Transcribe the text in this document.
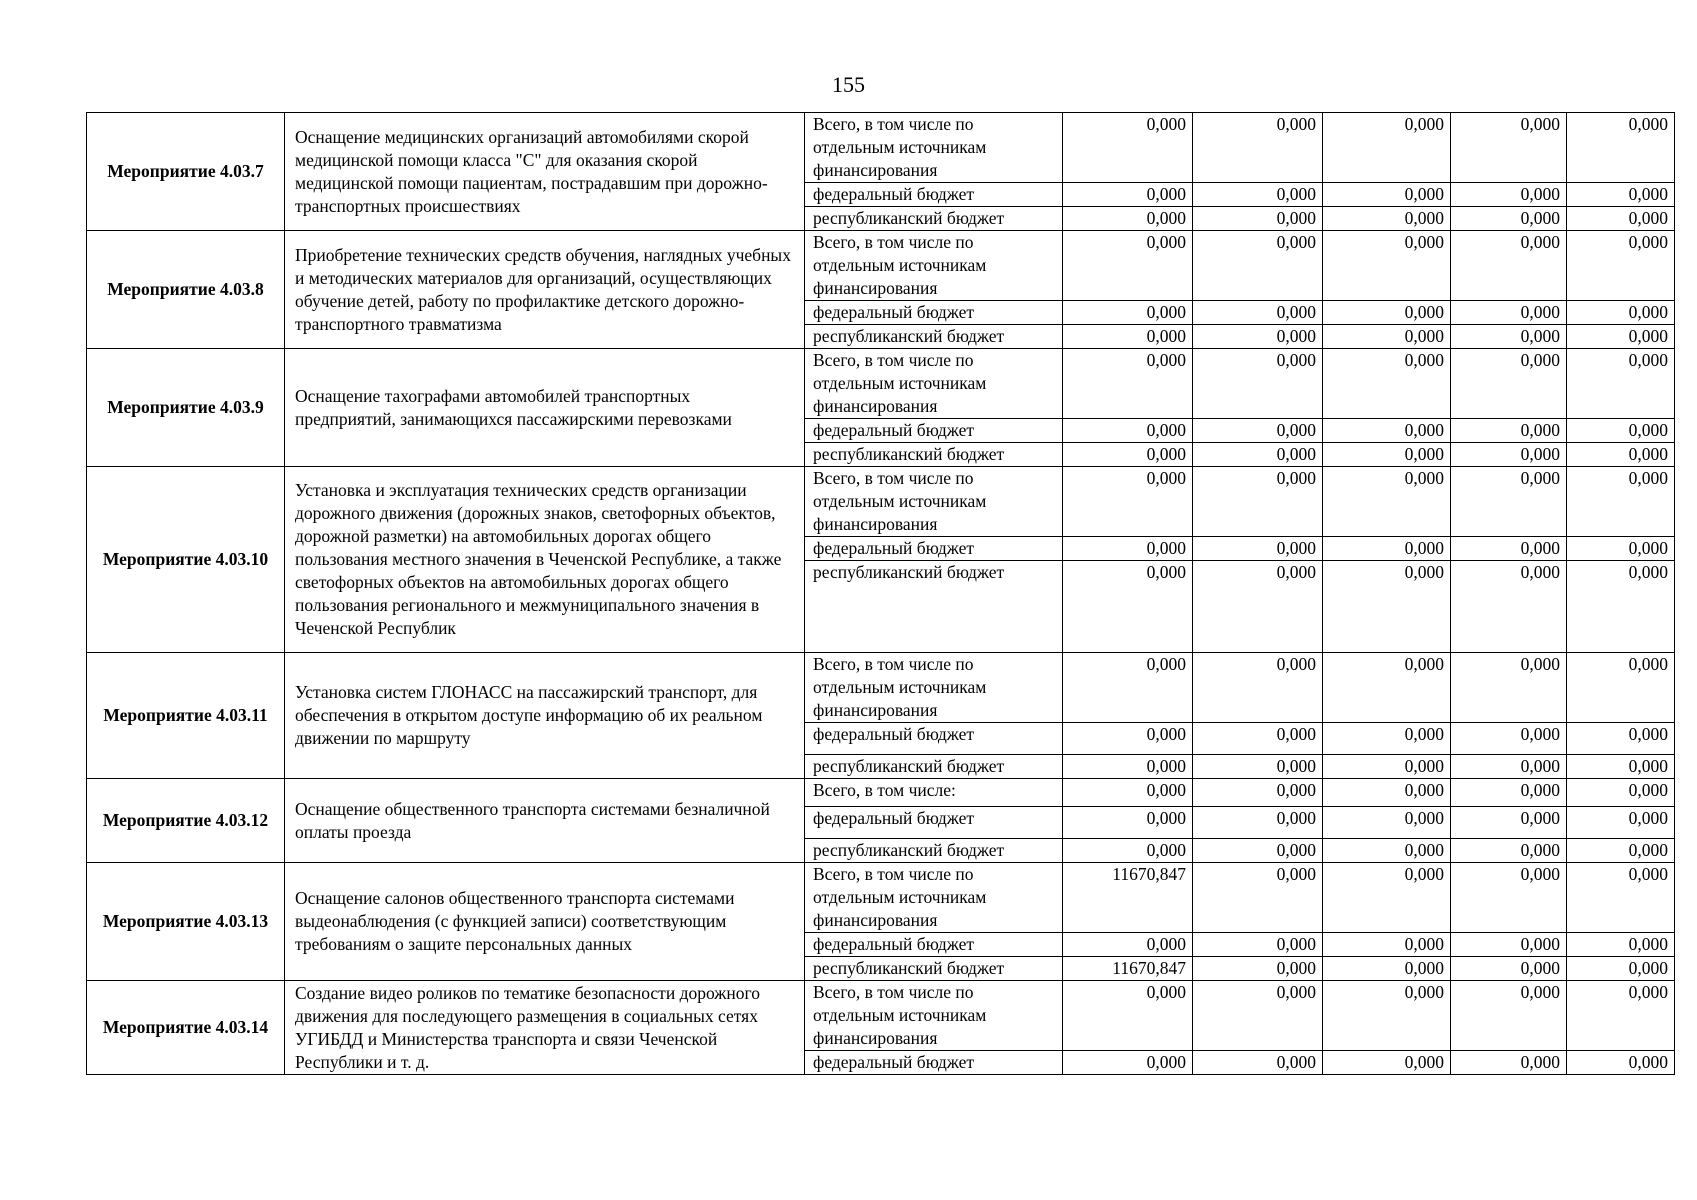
155
Мероприятие 4.03.7	Оснащение медицинских организаций автомобилями скорой медицинской помощи класса "С" для оказания скорой медицинской помощи пациентам, пострадавшим при дорожно-транспортных происшествиях	Всего, в том числе по отдельным источникам финансирования	0,000	0,000	0,000	0,000	0,000
		федеральный бюджет	0,000	0,000	0,000	0,000	0,000
		республиканский бюджет	0,000	0,000	0,000	0,000	0,000
Мероприятие 4.03.8	Приобретение технических средств обучения, наглядных учебных и методических материалов для организаций, осуществляющих обучение детей, работу по профилактике детского дорожно-транспортного травматизма	Всего, в том числе по отдельным источникам финансирования	0,000	0,000	0,000	0,000	0,000
		федеральный бюджет	0,000	0,000	0,000	0,000	0,000
		республиканский бюджет	0,000	0,000	0,000	0,000	0,000
Мероприятие 4.03.9	Оснащение тахографами автомобилей транспортных предприятий, занимающихся пассажирскими перевозками	Всего, в том числе по отдельным источникам финансирования	0,000	0,000	0,000	0,000	0,000
		федеральный бюджет	0,000	0,000	0,000	0,000	0,000
		республиканский бюджет	0,000	0,000	0,000	0,000	0,000
Мероприятие 4.03.10	Установка и эксплуатация технических средств организации дорожного движения (дорожных знаков, светофорных объектов, дорожной разметки) на автомобильных дорогах общего пользования местного значения в Чеченской Республике, а также светофорных объектов на автомобильных дорогах общего пользования регионального и межмуниципального значения в Чеченской Республик	Всего, в том числе по отдельным источникам финансирования	0,000	0,000	0,000	0,000	0,000
		федеральный бюджет	0,000	0,000	0,000	0,000	0,000
		республиканский бюджет	0,000	0,000	0,000	0,000	0,000
Мероприятие 4.03.11	Установка систем ГЛОНАСС на пассажирский транспорт, для обеспечения в открытом доступе информацию об их реальном движении по маршруту	Всего, в том числе по отдельным источникам финансирования	0,000	0,000	0,000	0,000	0,000
		федеральный бюджет	0,000	0,000	0,000	0,000	0,000
		республиканский бюджет	0,000	0,000	0,000	0,000	0,000
Мероприятие 4.03.12	Оснащение общественного транспорта системами безналичной оплаты проезда	Всего, в том числе:	0,000	0,000	0,000	0,000	0,000
		федеральный бюджет	0,000	0,000	0,000	0,000	0,000
		республиканский бюджет	0,000	0,000	0,000	0,000	0,000
Мероприятие 4.03.13	Оснащение салонов общественного транспорта системами выдеонаблюдения (с функцией записи) соответствующим требованиям о защите персональных данных	Всего, в том числе по отдельным источникам финансирования	11670,847	0,000	0,000	0,000	0,000
		федеральный бюджет	0,000	0,000	0,000	0,000	0,000
		республиканский бюджет	11670,847	0,000	0,000	0,000	0,000
Мероприятие 4.03.14	Создание видео роликов по тематике безопасности дорожного движения для последующего размещения в социальных сетях УГИБДД и Министерства транспорта и связи Чеченской Республики и т. д.	Всего, в том числе по отдельным источникам финансирования	0,000	0,000	0,000	0,000	0,000
		федеральный бюджет	0,000	0,000	0,000	0,000	0,000
